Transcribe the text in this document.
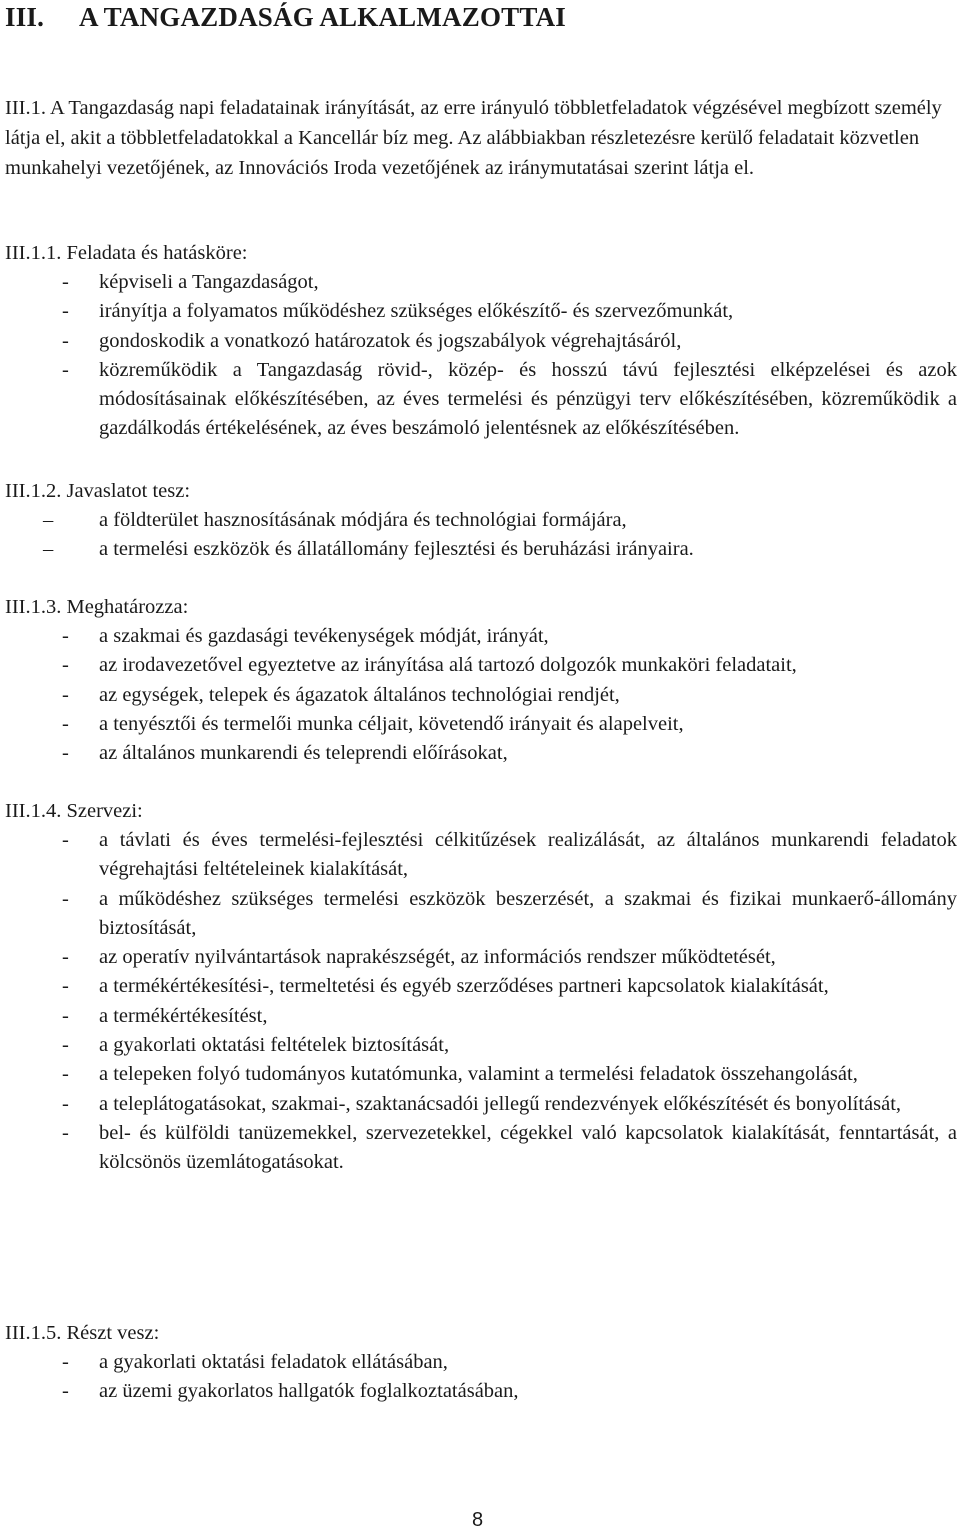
III. A TANGAZDASÁG ALKALMAZOTTAI
III.1. A Tangazdaság napi feladatainak irányítását, az erre irányuló többletfeladatok végzésével megbízott személy látja el, akit a többletfeladatokkal a Kancellár bíz meg. Az alábbiakban részletezésre kerülő feladatait közvetlen munkahelyi vezetőjének, az Innovációs Iroda vezetőjének az iránymutatásai szerint látja el.
III.1.1. Feladata és hatásköre:
- képviseli a Tangazdaságot,
- irányítja a folyamatos működéshez szükséges előkészítő- és szervezőmunkát,
- gondoskodik a vonatkozó határozatok és jogszabályok végrehajtásáról,
- közreműködik a Tangazdaság rövid-, közép- és hosszú távú fejlesztési elképzelései és azok módosításainak előkészítésében, az éves termelési és pénzügyi terv előkészítésében, közreműködik a gazdálkodás értékelésének, az éves beszámoló jelentésnek az előkészítésében.
III.1.2. Javaslatot tesz:
– a földterület hasznosításának módjára és technológiai formájára,
– a termelési eszközök és állatállomány fejlesztési és beruházási irányaira.
III.1.3. Meghatározza:
- a szakmai és gazdasági tevékenységek módját, irányát,
- az irodavezetővel egyeztetve az irányítása alá tartozó dolgozók munkaköri feladatait,
- az egységek, telepek és ágazatok általános technológiai rendjét,
- a tenyésztői és termelői munka céljait, követendő irányait és alapelveit,
- az általános munkarendi és teleprendi előírásokat,
III.1.4. Szervezi:
- a távlati és éves termelési-fejlesztési célkitűzések realizálását, az általános munkarendi feladatok végrehajtási feltételeinek kialakítását,
- a működéshez szükséges termelési eszközök beszerzését, a szakmai és fizikai munkaerő-állomány biztosítását,
- az operatív nyilvántartások naprakészségét, az információs rendszer működtetését,
- a termékértékesítési-, termeltetési és egyéb szerződéses partneri kapcsolatok kialakítását,
- a termékértékesítést,
- a gyakorlati oktatási feltételek biztosítását,
- a telepeken folyó tudományos kutatómunka, valamint a termelési feladatok összehangolását,
- a teleplátogatásokat, szakmai-, szaktanácsadói jellegű rendezvények előkészítését és bonyolítását,
- bel- és külföldi tanüzemekkel, szervezetekkel, cégekkel való kapcsolatok kialakítását, fenntartását, a kölcsönös üzemlátogatásokat.
III.1.5. Részt vesz:
- a gyakorlati oktatási feladatok ellátásában,
- az üzemi gyakorlatos hallgatók foglalkoztatásában,
8
